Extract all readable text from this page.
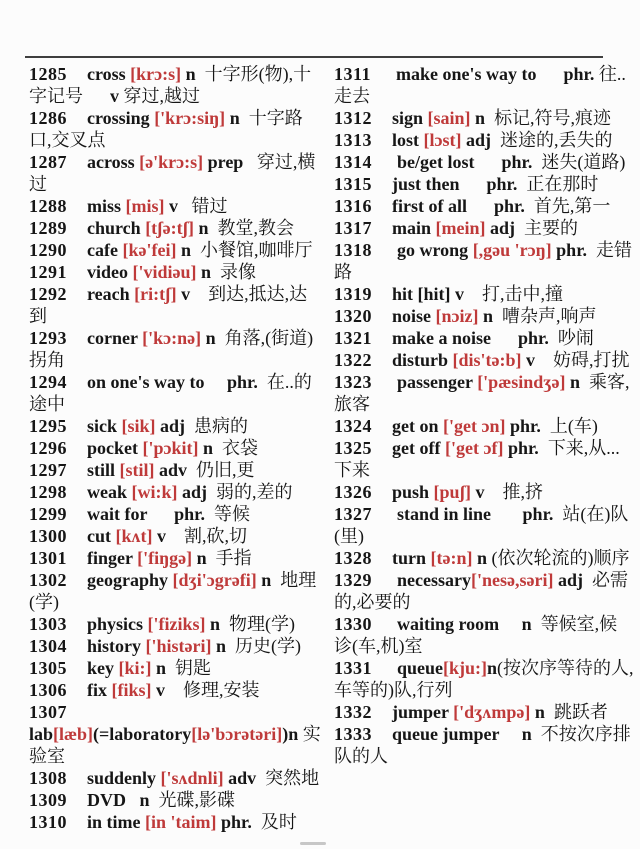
1285    cross [krɔ:s] n  十字形(物),十字记号 v 穿过,越过

1286    crossing ['krɔ:siŋ] n  十字路口,交叉点

1287    across [ə'krɔ:s] prep   穿过,横过

1288    miss [mis] v   错过

1289    church [tʃə:tʃ] n  教堂,教会

1290    cafe [kə'fei] n  小餐馆,咖啡厅

1291    video ['vidiəu] n  录像

1292    reach [ri:tʃ] v    到达,抵达,达到

1293    corner ['kɔ:nə] n  角落,(街道)拐角

1294    on one's way to     phr.  在..的途中

1295    sick [sik] adj  患病的

1296    pocket ['pɔkit] n  衣袋

1297    still [stil] adv  仍旧,更

1298    weak [wi:k] adj  弱的,差的

1299    wait for      phr.  等候

1300    cut [kʌt] v    割,砍,切

1301    finger ['fiŋgə] n  手指

1302    geography [dʒi'ɔgrəfi] n  地理(学)

1303    physics ['fiziks] n  物理(学)

1304    history ['histəri] n  历史(学)

1305    key [ki:] n  钥匙

1306    fix [fiks] v    修理,安装

1307
lab[læb](=laboratory[lə'bɔrətəri])n 实验室

1308    suddenly ['sʌdnli] adv  突然地

1309    DVD   n  光碟,影碟

1310    in time [in 'taim] phr.  及时

1311     make one's way to      phr. 往..走去

1312    sign [sain] n  标记,符号,痕迹

1313    lost [lɔst] adj  迷途的,丢失的

1314     be/get lost      phr.  迷失(道路)

1315    just then      phr.  正在那时

1316    first of all      phr.  首先,第一

1317    main [mein] adj  主要的

1318     go wrong [,gəu 'rɔŋ] phr.  走错路

1319    hit [hit] v    打,击中,撞

1320    noise [nɔiz] n  嘈杂声,响声

1321    make a noise      phr.  吵闹

1322    disturb [dis'tə:b] v    妨碍,打扰

1323     passenger ['pæsindʒə] n  乘客,旅客

1324    get on ['get ɔn] phr.  上(车)

1325    get off ['get ɔf] phr.  下来,从...下来

1326    push [puʃ] v    推,挤

1327     stand in line       phr.  站(在)队(里)

1328    turn [tə:n] n (依次轮流的)顺序

1329     necessary['nesə,səri] adj  必需的,必要的

1330     waiting room     n  等候室,候诊(车,机)室

1331     queue[kju:]n(按次序等待的人,车等的)队,行列

1332    jumper ['dʒʌmpə] n  跳跃者

1333    queue jumper     n  不按次序排队的人
